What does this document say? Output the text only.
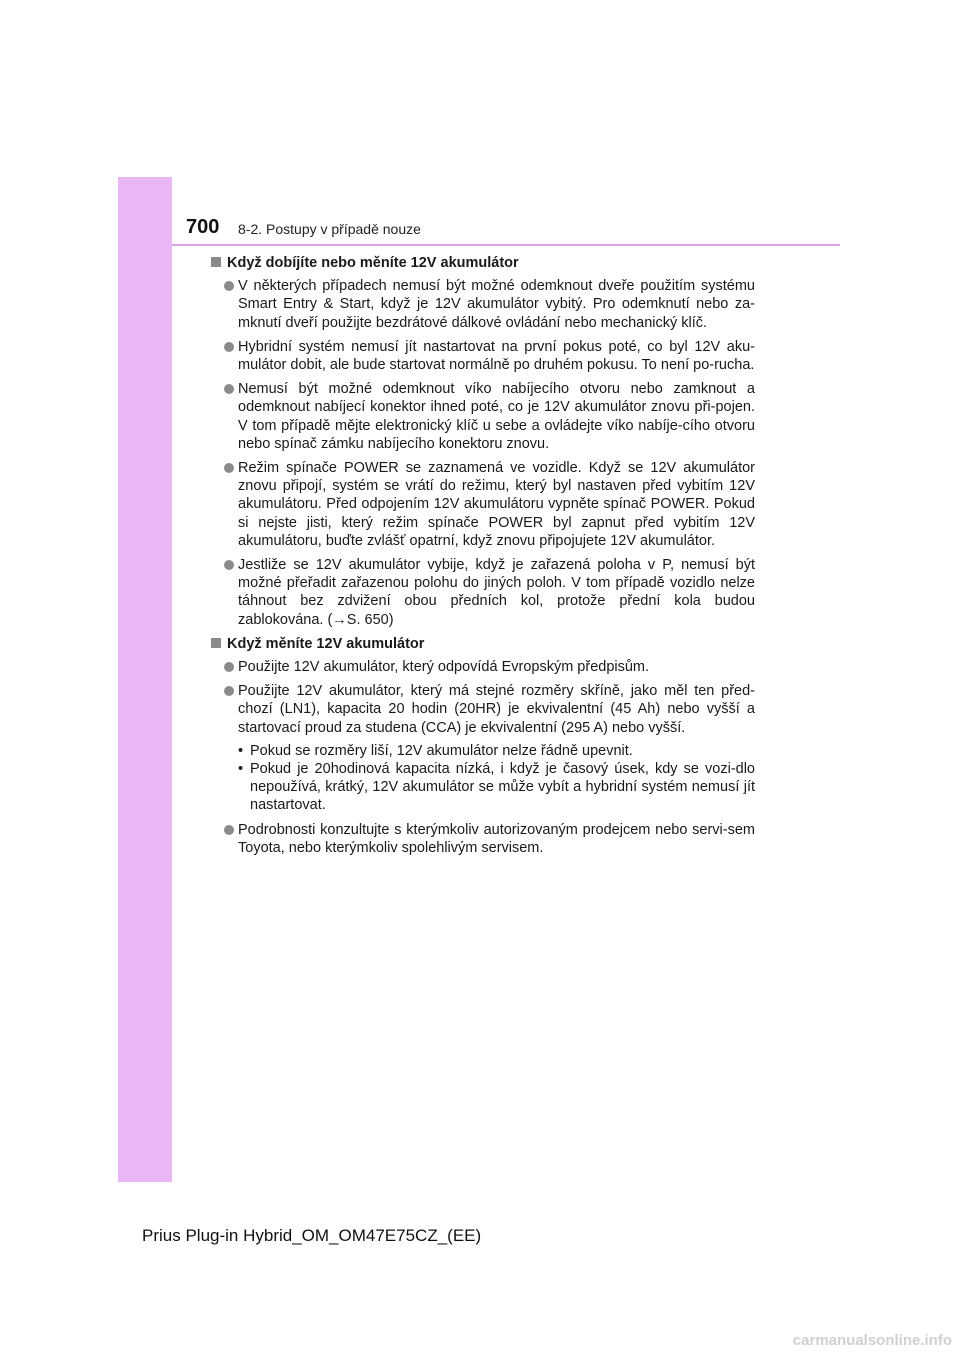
700 8-2. Postupy v případě nouze
Když dobíjíte nebo měníte 12V akumulátor
V některých případech nemusí být možné odemknout dveře použitím systému Smart Entry & Start, když je 12V akumulátor vybitý. Pro odemknutí nebo za-mknutí dveří použijte bezdrátové dálkové ovládání nebo mechanický klíč.
Hybridní systém nemusí jít nastartovat na první pokus poté, co byl 12V aku-mulátor dobit, ale bude startovat normálně po druhém pokusu. To není po-rucha.
Nemusí být možné odemknout víko nabíjecího otvoru nebo zamknout a odemknout nabíjecí konektor ihned poté, co je 12V akumulátor znovu při-pojen. V tom případě mějte elektronický klíč u sebe a ovládejte víko nabíje-cího otvoru nebo spínač zámku nabíjecího konektoru znovu.
Režim spínače POWER se zaznamená ve vozidle. Když se 12V akumulátor znovu připojí, systém se vrátí do režimu, který byl nastaven před vybitím 12V akumulátoru. Před odpojením 12V akumulátoru vypněte spínač POWER. Pokud si nejste jisti, který režim spínače POWER byl zapnut před vybitím 12V akumulátoru, buďte zvlášť opatrní, když znovu připojujete 12V akumulátor.
Jestliže se 12V akumulátor vybije, když je zařazená poloha v P, nemusí být možné přeřadit zařazenou polohu do jiných poloh. V tom případě vozidlo nelze táhnout bez zdvižení obou předních kol, protože přední kola budou zablokována. (→S. 650)
Když měníte 12V akumulátor
Použijte 12V akumulátor, který odpovídá Evropským předpisům.
Použijte 12V akumulátor, který má stejné rozměry skříně, jako měl ten před-chozí (LN1), kapacita 20 hodin (20HR) je ekvivalentní (45 Ah) nebo vyšší a startovací proud za studena (CCA) je ekvivalentní (295 A) nebo vyšší.
• Pokud se rozměry liší, 12V akumulátor nelze řádně upevnit.
• Pokud je 20hodinová kapacita nízká, i když je časový úsek, kdy se vozi-dlo nepoužívá, krátký, 12V akumulátor se může vybít a hybridní systém nemusí jít nastartovat.
Podrobnosti konzultujte s kterýmkoliv autorizovaným prodejcem nebo servi-sem Toyota, nebo kterýmkoliv spolehlivým servisem.
Prius Plug-in Hybrid_OM_OM47E75CZ_(EE)
carmanualsonline.info
